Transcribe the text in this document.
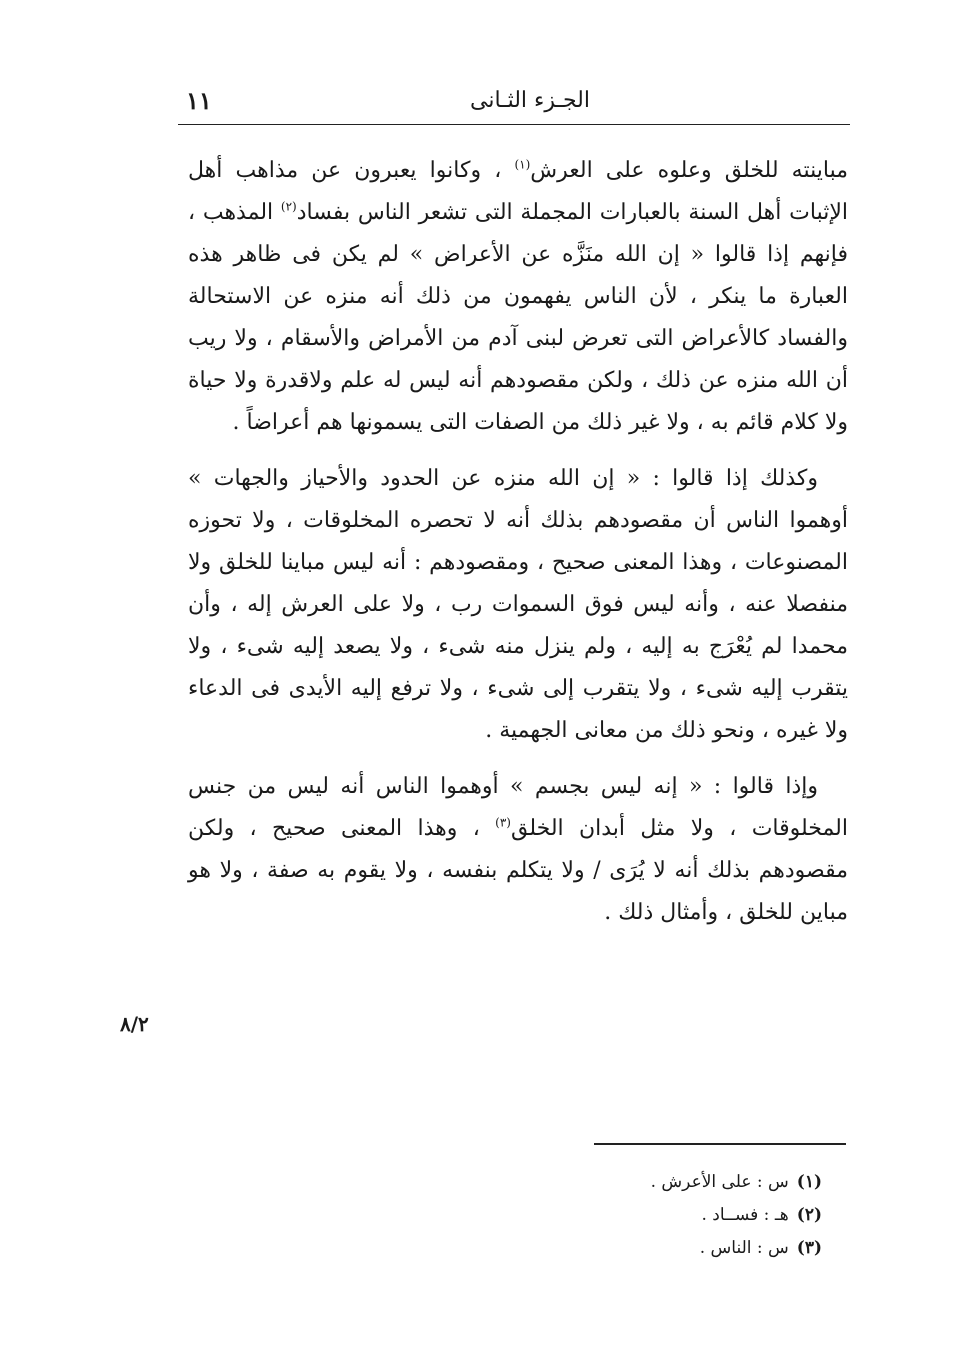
الجـزء الثـانى
١١

مباينته للخلق وعلوه على العرش$^{(١)}$ ، وكانوا يعبرون عن مذاهب أهل الإثبات أهل السنة بالعبارات المجملة التى تشعر الناس بفساد$^{(٢)}$ المذهب ، فإنهم إذا قالوا « إن الله منَزَّه عن الأعراض » لم يكن فى ظاهر هذه العبارة ما ينكر ، لأن الناس يفهمون من ذلك أنه منزه عن الاستحالة والفساد كالأعراض التى تعرض لبنى آدم من الأمراض والأسقام ، ولا ريب أن الله منزه عن ذلك ، ولكن مقصودهم أنه ليس له علم ولاقدرة ولا حياة ولا كلام قائم به ، ولا غير ذلك من الصفات التى يسمونها هم أعراضاً .

وكذلك إذا قالوا : « إن الله منزه عن الحدود والأحياز والجهات » أوهموا الناس أن مقصودهم بذلك أنه لا تحصره المخلوقات ، ولا تحوزه المصنوعات ، وهذا المعنى صحيح ، ومقصودهم : أنه ليس مباينا للخلق ولا منفصلا عنه ، وأنه ليس فوق السموات رب ، ولا على العرش إله ، وأن محمدا لم يُعْرَج به إليه ، ولم ينزل منه شىء ، ولا يصعد إليه شىء ، ولا يتقرب إليه شىء ، ولا يتقرب إلى شىء ، ولا ترفع إليه الأيدى فى الدعاء ولا غيره ، ونحو ذلك من معانى الجهمية .

وإذا قالوا : « إنه ليس بجسم » أوهموا الناس أنه ليس من جنس المخلوقات ، ولا مثل أبدان الخلق$^{(٣)}$ ، وهذا المعنى صحيح ، ولكن مقصودهم بذلك أنه لا يُرَى / ولا يتكلم بنفسه ، ولا يقوم به صفة ، ولا هو مباين للخلق ، وأمثال ذلك .

٨/٢
(١)س : على الأعرش .
(٢)هـ : فســاد .
(٣)س : الناس .
